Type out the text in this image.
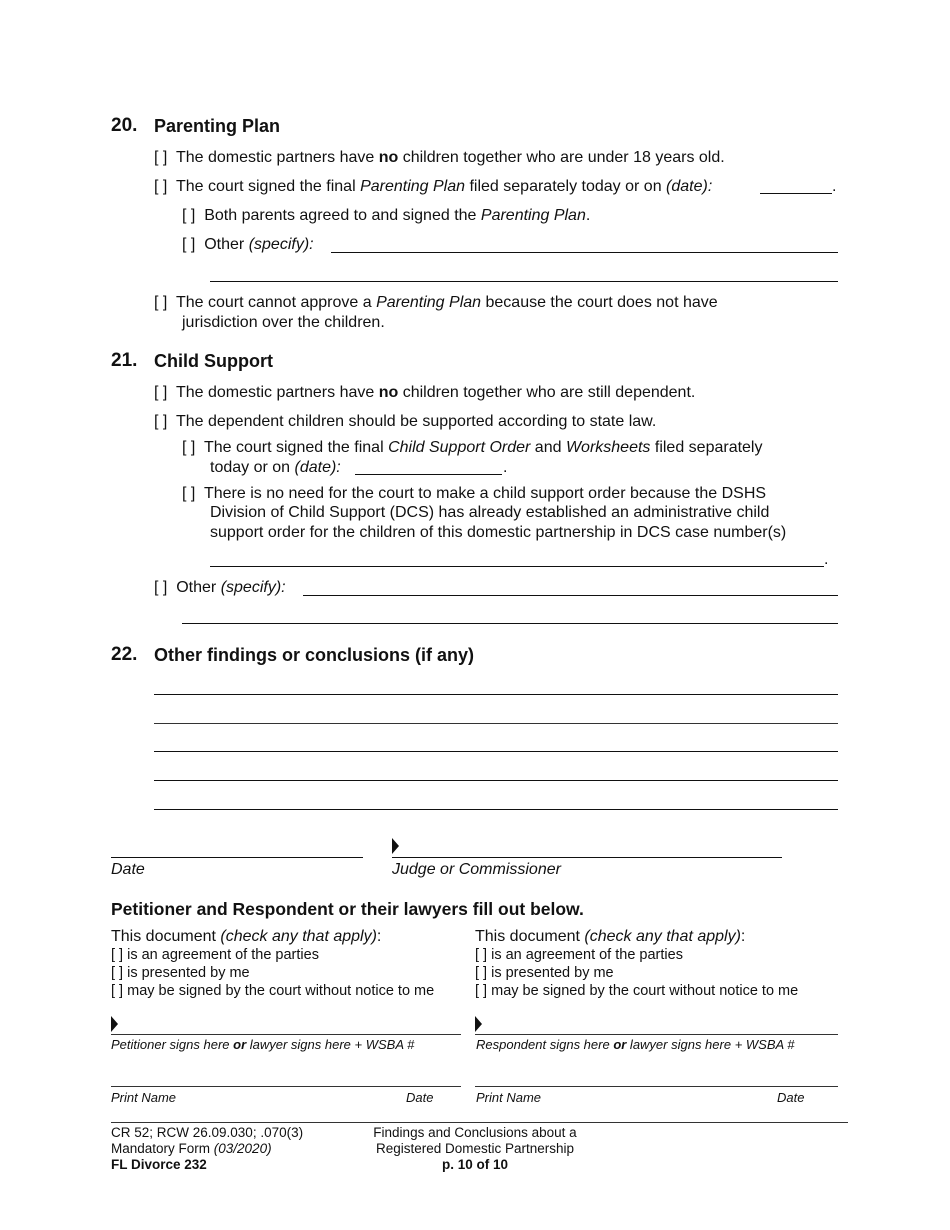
20. Parenting Plan
[ ] The domestic partners have no children together who are under 18 years old.
[ ] The court signed the final Parenting Plan filed separately today or on (date):	.
[ ] Both parents agreed to and signed the Parenting Plan.
[ ] Other (specify):
[ ] The court cannot approve a Parenting Plan because the court does not have
jurisdiction over the children.
21. Child Support
[ ] The domestic partners have no children together who are still dependent.
[ ] The dependent children should be supported according to state law.
[ ] The court signed the final Child Support Order and Worksheets filed separately
today or on (date):	.
[ ] There is no need for the court to make a child support order because the DSHS
Division of Child Support (DCS) has already established an administrative child
support order for the children of this domestic partnership in DCS case number(s)
.
[ ] Other (specify):
22. Other findings or conclusions (if any)
Date	Judge or Commissioner
Petitioner and Respondent or their lawyers fill out below.
This document (check any that apply):
[ ] is an agreement of the parties
[ ] is presented by me
[ ] may be signed by the court without notice to me
Petitioner signs here or lawyer signs here + WSBA #
Print Name	Date
This document (check any that apply):
[ ] is an agreement of the parties
[ ] is presented by me
[ ] may be signed by the court without notice to me
Respondent signs here or lawyer signs here + WSBA #
Print Name	Date
CR 52; RCW 26.09.030; .070(3)
Mandatory Form (03/2020)
FL Divorce 232
Findings and Conclusions about a
Registered Domestic Partnership
p. 10 of 10
